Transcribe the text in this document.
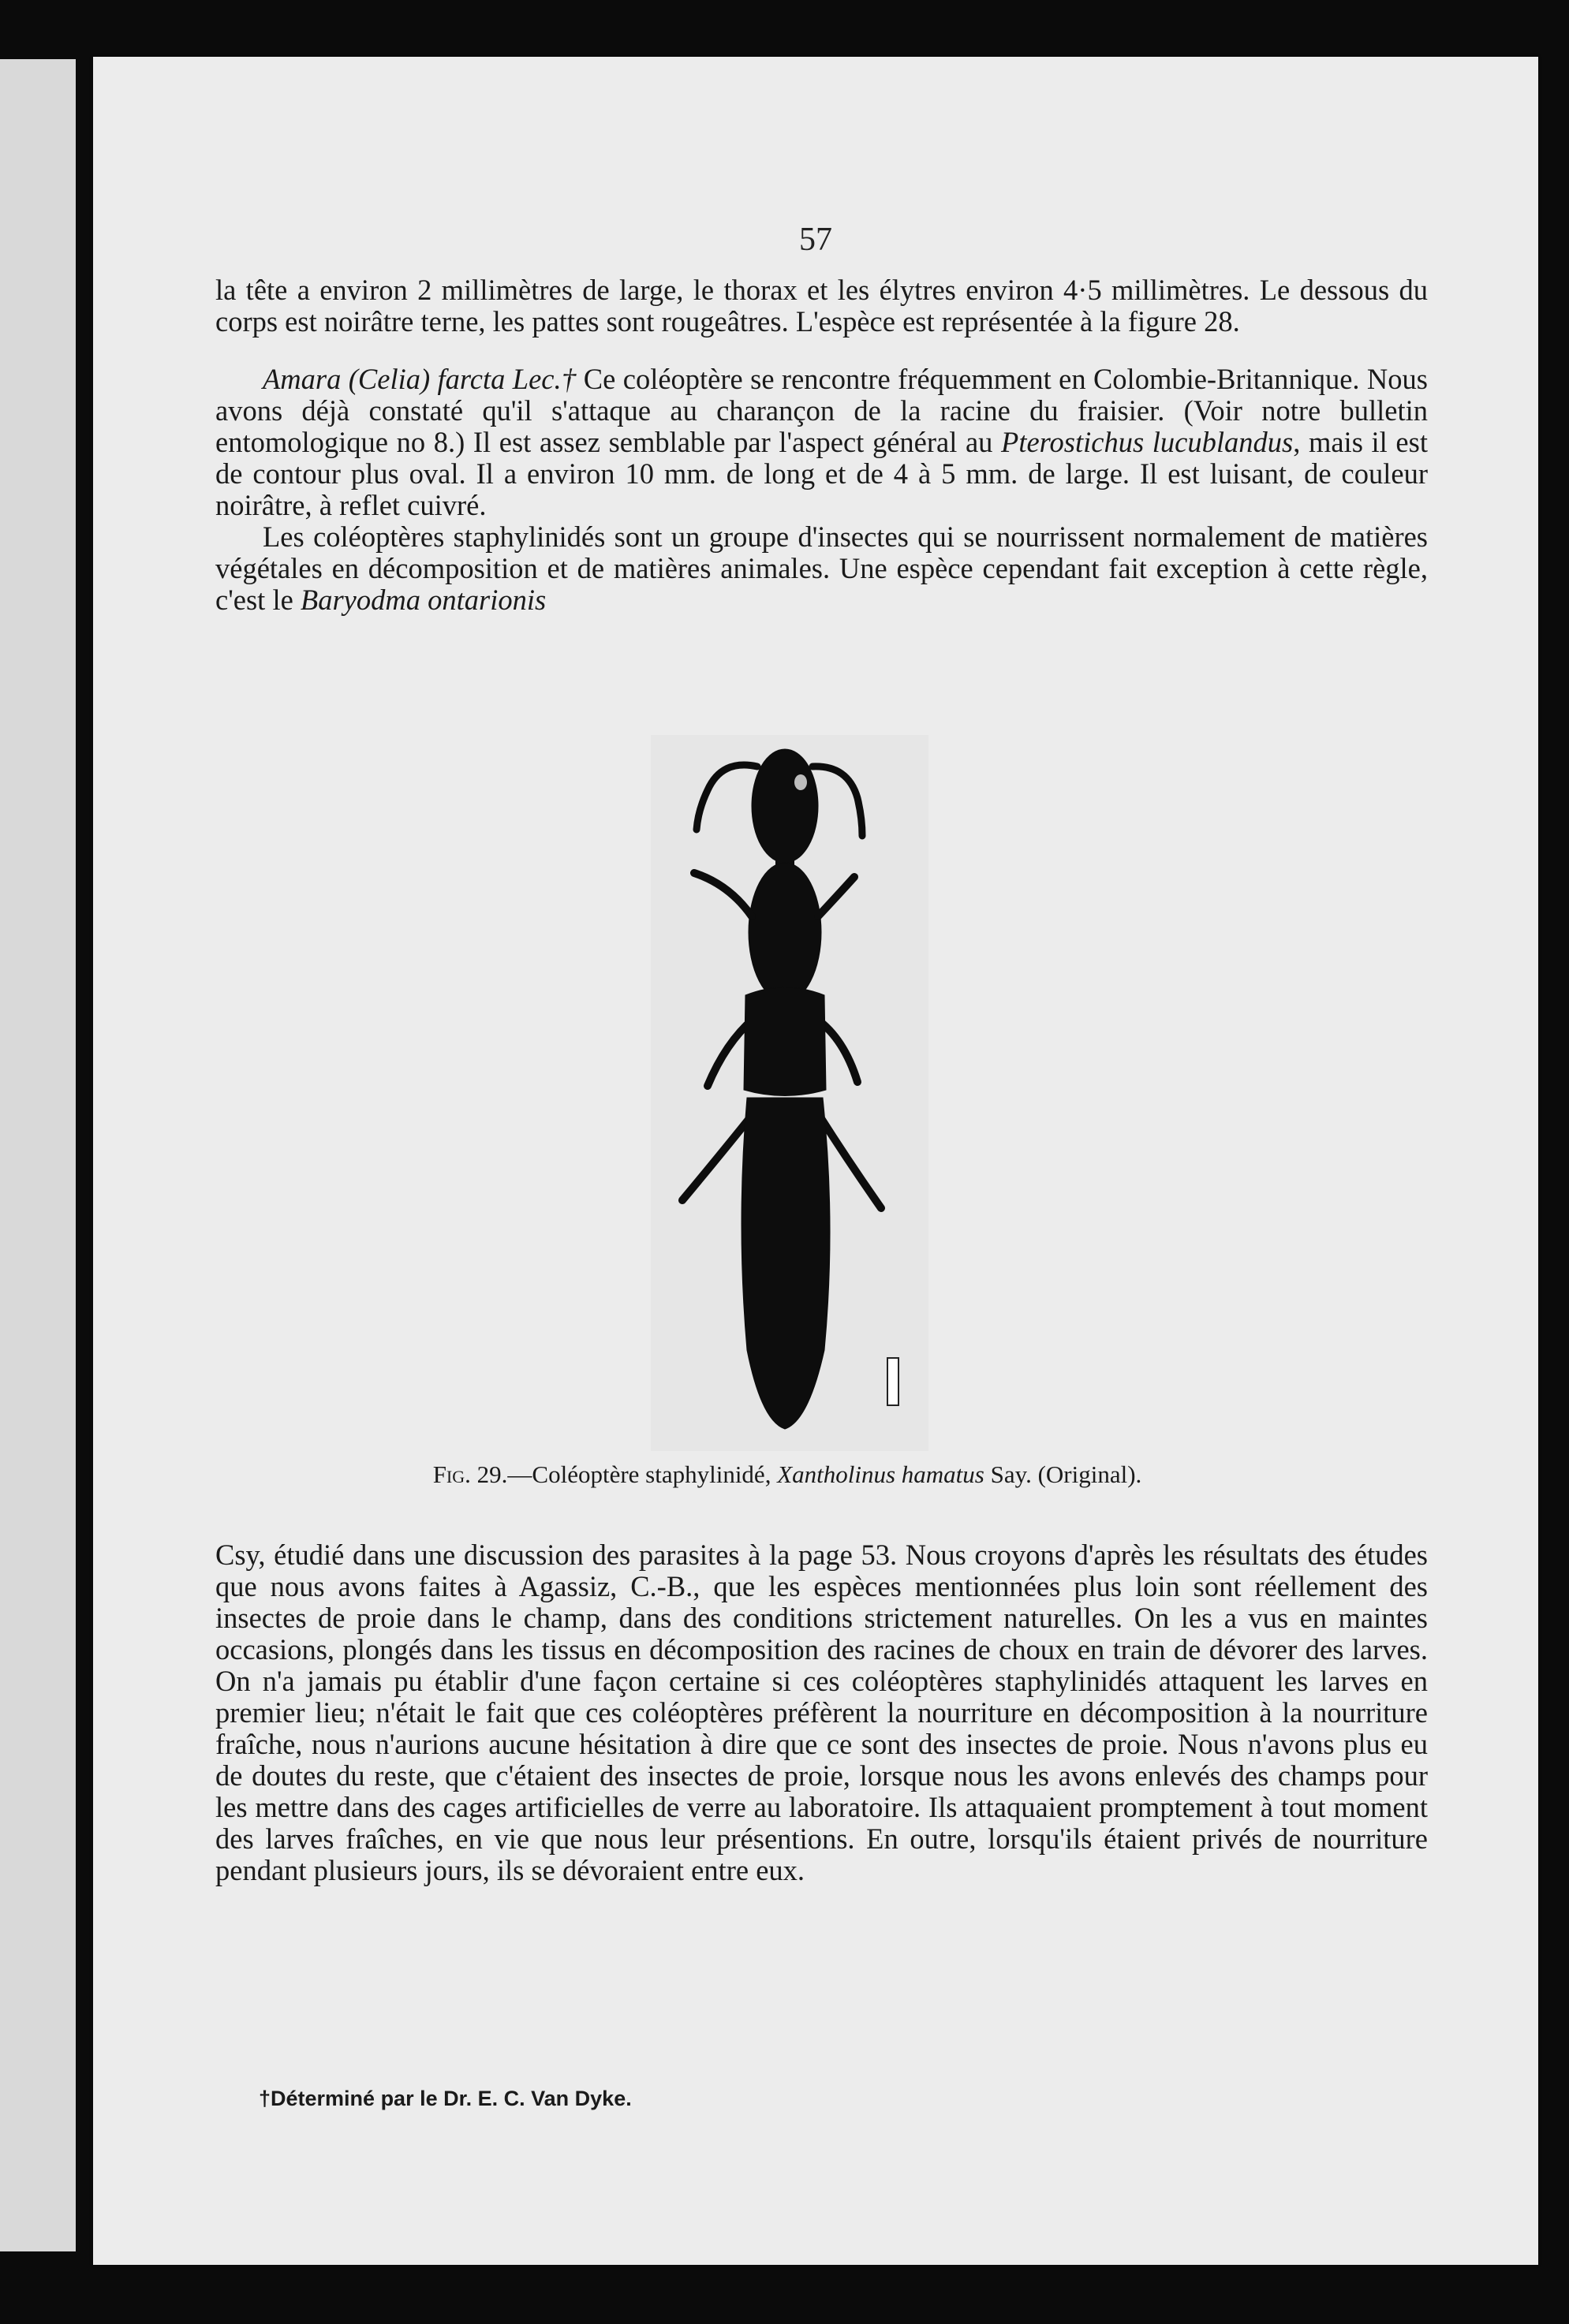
57

la tête a environ 2 millimètres de large, le thorax et les élytres environ 4·5 millimètres. Le dessous du corps est noirâtre terne, les pattes sont rougeâtres. L'espèce est représentée à la figure 28.

Amara (Celia) farcta Lec.† Ce coléoptère se rencontre fréquemment en Colombie-Britannique. Nous avons déjà constaté qu'il s'attaque au charançon de la racine du fraisier. (Voir notre bulletin entomologique no 8.) Il est assez semblable par l'aspect général au Pterostichus lucublandus, mais il est de contour plus oval. Il a environ 10 mm. de long et de 4 à 5 mm. de large. Il est luisant, de couleur noirâtre, à reflet cuivré.

Les coléoptères staphylinidés sont un groupe d'insectes qui se nourrissent normalement de matières végétales en décomposition et de matières animales. Une espèce cependant fait exception à cette règle, c'est le Baryodma ontarionis

Fig. 29.—Coléoptère staphylinidé, Xantholinus hamatus Say. (Original).

Csy, étudié dans une discussion des parasites à la page 53. Nous croyons d'après les résultats des études que nous avons faites à Agassiz, C.-B., que les espèces mentionnées plus loin sont réellement des insectes de proie dans le champ, dans des conditions strictement naturelles. On les a vus en maintes occasions, plongés dans les tissus en décomposition des racines de choux en train de dévorer des larves. On n'a jamais pu établir d'une façon certaine si ces coléoptères staphylinidés attaquent les larves en premier lieu; n'était le fait que ces coléoptères préfèrent la nourriture en décomposition à la nourriture fraîche, nous n'aurions aucune hésitation à dire que ce sont des insectes de proie. Nous n'avons plus eu de doutes du reste, que c'étaient des insectes de proie, lorsque nous les avons enlevés des champs pour les mettre dans des cages artificielles de verre au laboratoire. Ils attaquaient promptement à tout moment des larves fraîches, en vie que nous leur présentions. En outre, lorsqu'ils étaient privés de nourriture pendant plusieurs jours, ils se dévoraient entre eux.

†Déterminé par le Dr. E. C. Van Dyke.
